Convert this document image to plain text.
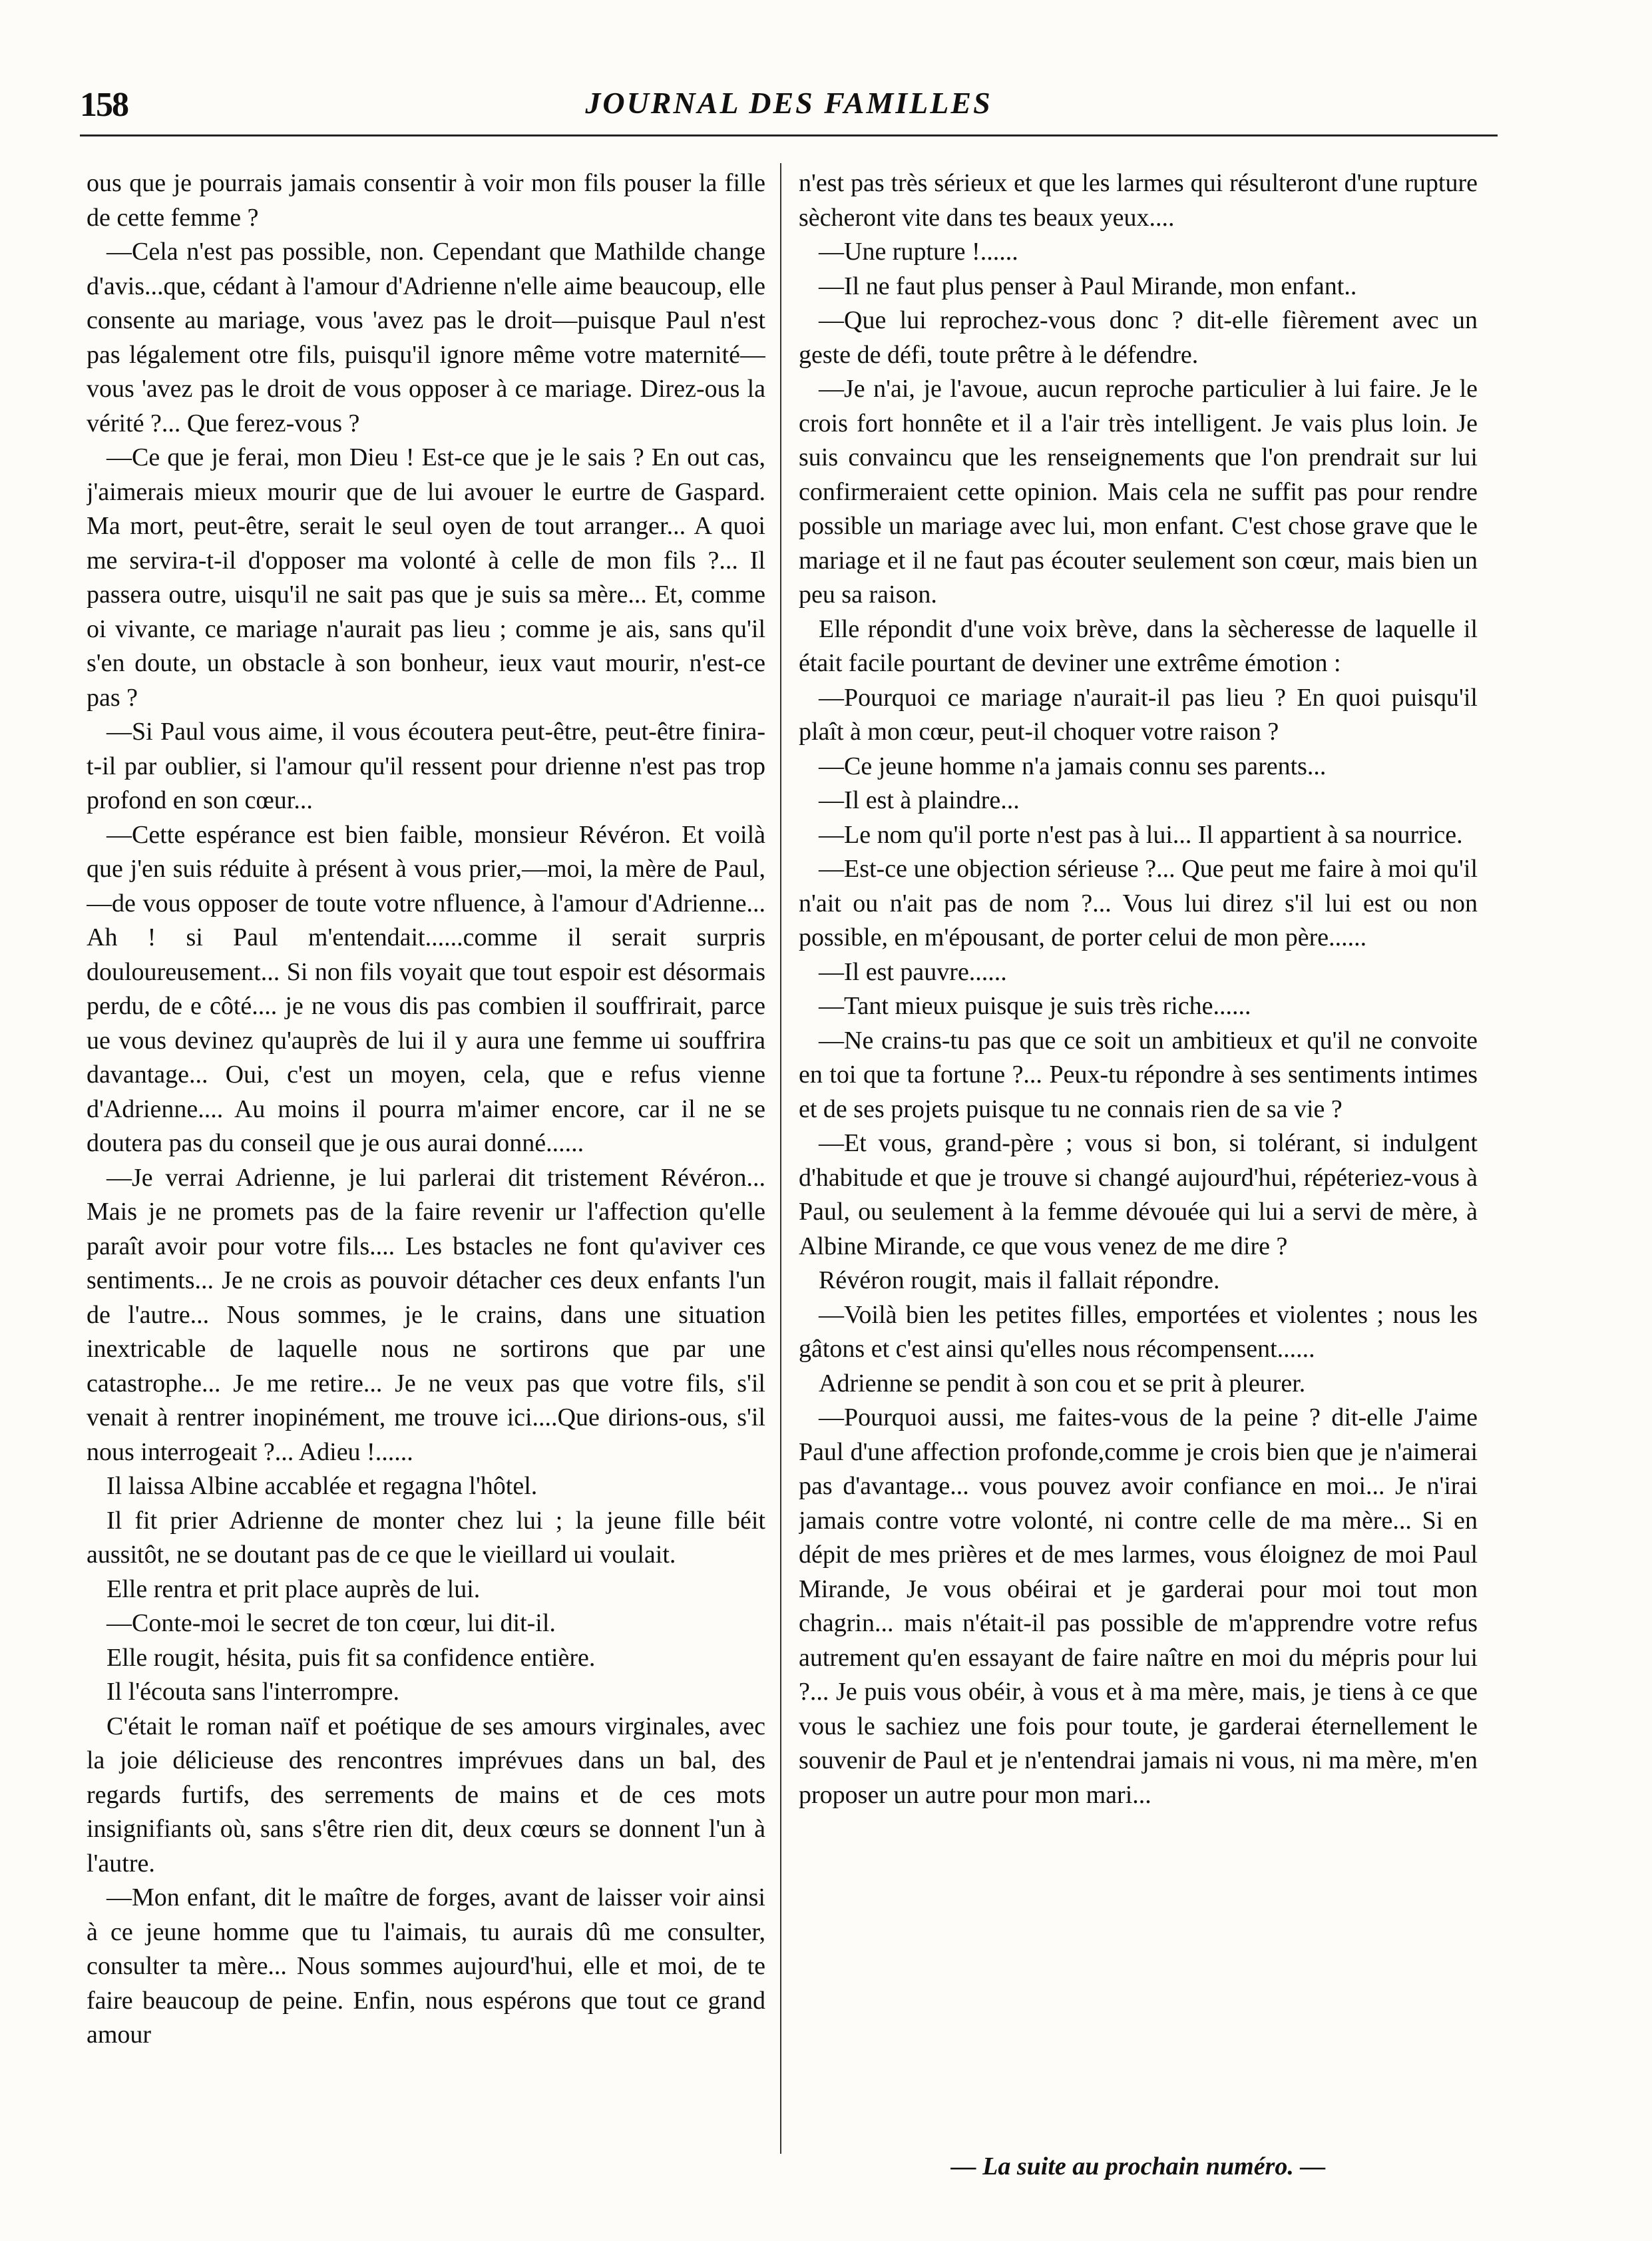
158	JOURNAL DES FAMILLES

ous que je pourrais jamais consentir à voir mon fils pouser la fille de cette femme ?

—Cela n'est pas possible, non. Cependant que Mathilde change d'avis...que, cédant à l'amour d'Adrienne n'elle aime beaucoup, elle consente au mariage, vous 'avez pas le droit—puisque Paul n'est pas légalement otre fils, puisqu'il ignore même votre maternité—vous 'avez pas le droit de vous opposer à ce mariage. Direz-ous la vérité ?... Que ferez-vous ?

—Ce que je ferai, mon Dieu ! Est-ce que je le sais ? En out cas, j'aimerais mieux mourir que de lui avouer le eurtre de Gaspard. Ma mort, peut-être, serait le seul oyen de tout arranger... A quoi me servira-t-il d'opposer ma volonté à celle de mon fils ?... Il passera outre, uisqu'il ne sait pas que je suis sa mère... Et, comme oi vivante, ce mariage n'aurait pas lieu ; comme je ais, sans qu'il s'en doute, un obstacle à son bonheur, ieux vaut mourir, n'est-ce pas ?

—Si Paul vous aime, il vous écoutera peut-être, peut-être finira-t-il par oublier, si l'amour qu'il ressent pour drienne n'est pas trop profond en son cœur...

—Cette espérance est bien faible, monsieur Révéron. Et voilà que j'en suis réduite à présent à vous prier,—moi, la mère de Paul,—de vous opposer de toute votre nfluence, à l'amour d'Adrienne... Ah ! si Paul m'entendait......comme il serait surpris douloureusement... Si non fils voyait que tout espoir est désormais perdu, de e côté.... je ne vous dis pas combien il souffrirait, parce ue vous devinez qu'auprès de lui il y aura une femme ui souffrira davantage... Oui, c'est un moyen, cela, que e refus vienne d'Adrienne.... Au moins il pourra m'aimer encore, car il ne se doutera pas du conseil que je ous aurai donné......

—Je verrai Adrienne, je lui parlerai dit tristement Révéron... Mais je ne promets pas de la faire revenir ur l'affection qu'elle paraît avoir pour votre fils.... Les bstacles ne font qu'aviver ces sentiments... Je ne crois as pouvoir détacher ces deux enfants l'un de l'autre... Nous sommes, je le crains, dans une situation inextricable de laquelle nous ne sortirons que par une catastrophe... Je me retire... Je ne veux pas que votre fils, s'il venait à rentrer inopinément, me trouve ici....Que dirions-ous, s'il nous interrogeait ?... Adieu !......

Il laissa Albine accablée et regagna l'hôtel.

Il fit prier Adrienne de monter chez lui ; la jeune fille béit aussitôt, ne se doutant pas de ce que le vieillard ui voulait.

Elle rentra et prit place auprès de lui.

—Conte-moi le secret de ton cœur, lui dit-il.

Elle rougit, hésita, puis fit sa confidence entière.

Il l'écouta sans l'interrompre.

C'était le roman naïf et poétique de ses amours virginales, avec la joie délicieuse des rencontres imprévues dans un bal, des regards furtifs, des serrements de mains et de ces mots insignifiants où, sans s'être rien dit, deux cœurs se donnent l'un à l'autre.

—Mon enfant, dit le maître de forges, avant de laisser voir ainsi à ce jeune homme que tu l'aimais, tu aurais dû me consulter, consulter ta mère... Nous sommes aujourd'hui, elle et moi, de te faire beaucoup de peine. Enfin, nous espérons que tout ce grand amour

n'est pas très sérieux et que les larmes qui résulteront d'une rupture sècheront vite dans tes beaux yeux....

—Une rupture !......

—Il ne faut plus penser à Paul Mirande, mon enfant..

—Que lui reprochez-vous donc ? dit-elle fièrement avec un geste de défi, toute prêtre à le défendre.

—Je n'ai, je l'avoue, aucun reproche particulier à lui faire. Je le crois fort honnête et il a l'air très intelligent. Je vais plus loin. Je suis convaincu que les renseignements que l'on prendrait sur lui confirmeraient cette opinion. Mais cela ne suffit pas pour rendre possible un mariage avec lui, mon enfant. C'est chose grave que le mariage et il ne faut pas écouter seulement son cœur, mais bien un peu sa raison.

Elle répondit d'une voix brève, dans la sècheresse de laquelle il était facile pourtant de deviner une extrême émotion :

—Pourquoi ce mariage n'aurait-il pas lieu ? En quoi puisqu'il plaît à mon cœur, peut-il choquer votre raison ?

—Ce jeune homme n'a jamais connu ses parents...

—Il est à plaindre...

—Le nom qu'il porte n'est pas à lui... Il appartient à sa nourrice.

—Est-ce une objection sérieuse ?... Que peut me faire à moi qu'il n'ait ou n'ait pas de nom ?... Vous lui direz s'il lui est ou non possible, en m'épousant, de porter celui de mon père......

—Il est pauvre......

—Tant mieux puisque je suis très riche......

—Ne crains-tu pas que ce soit un ambitieux et qu'il ne convoite en toi que ta fortune ?... Peux-tu répondre à ses sentiments intimes et de ses projets puisque tu ne connais rien de sa vie ?

—Et vous, grand-père ; vous si bon, si tolérant, si indulgent d'habitude et que je trouve si changé aujourd'hui, répéteriez-vous à Paul, ou seulement à la femme dévouée qui lui a servi de mère, à Albine Mirande, ce que vous venez de me dire ?

Révéron rougit, mais il fallait répondre.

—Voilà bien les petites filles, emportées et violentes ; nous les gâtons et c'est ainsi qu'elles nous récompensent......

Adrienne se pendit à son cou et se prit à pleurer.

—Pourquoi aussi, me faites-vous de la peine ? dit-elle J'aime Paul d'une affection profonde,comme je crois bien que je n'aimerai pas d'avantage... vous pouvez avoir confiance en moi... Je n'irai jamais contre votre volonté, ni contre celle de ma mère... Si en dépit de mes prières et de mes larmes, vous éloignez de moi Paul Mirande, Je vous obéirai et je garderai pour moi tout mon chagrin... mais n'était-il pas possible de m'apprendre votre refus autrement qu'en essayant de faire naître en moi du mépris pour lui ?... Je puis vous obéir, à vous et à ma mère, mais, je tiens à ce que vous le sachiez une fois pour toute, je garderai éternellement le souvenir de Paul et je n'entendrai jamais ni vous, ni ma mère, m'en proposer un autre pour mon mari...

— La suite au prochain numéro. —
